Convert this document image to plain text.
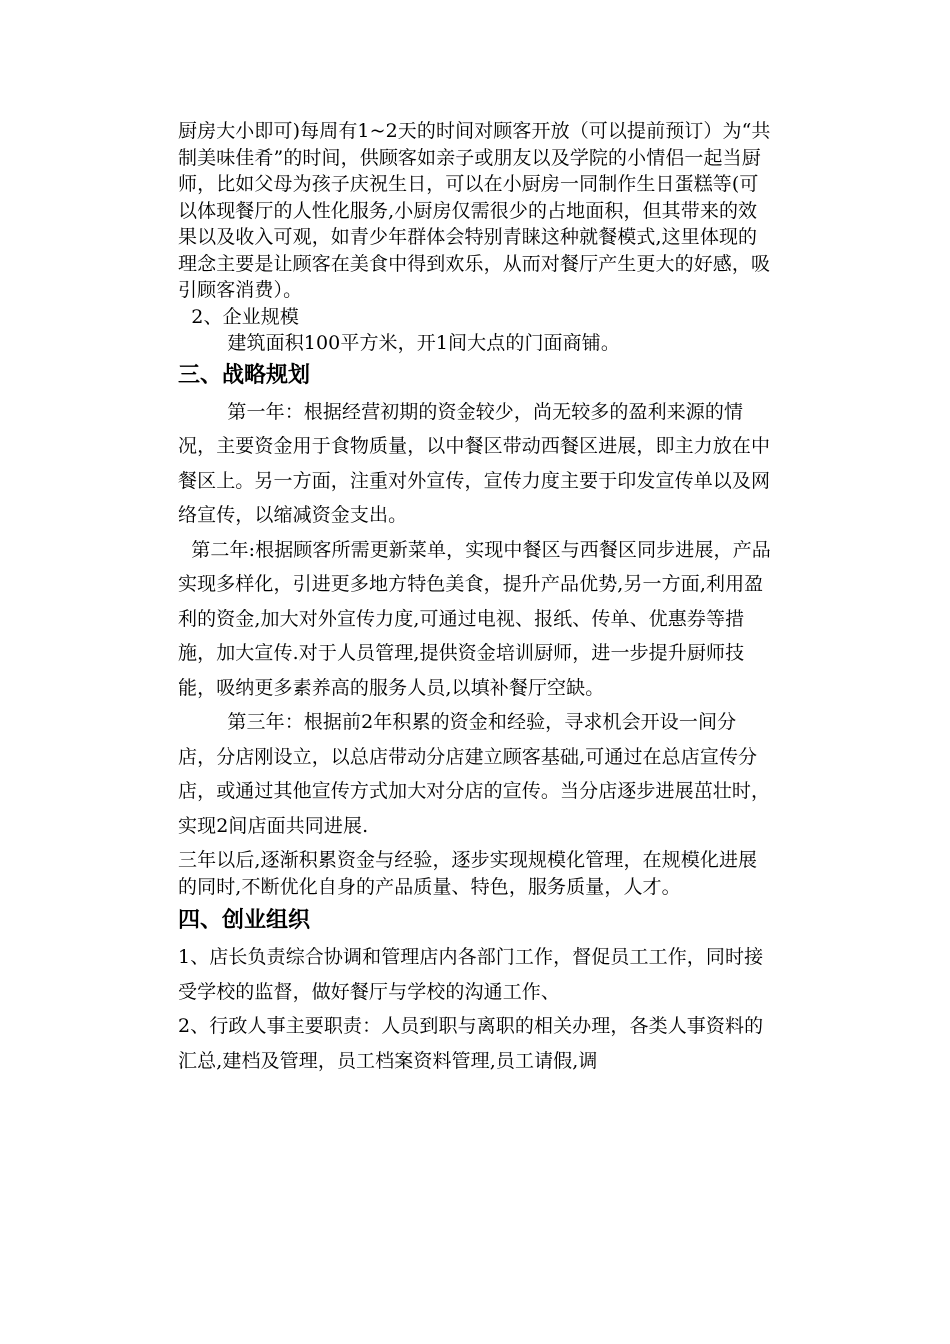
厨房大小即可)每周有1~2天的时间对顾客开放（可以提前预订）为“共制美味佳肴”的时间，供顾客如亲子或朋友以及学院的小情侣一起当厨师，比如父母为孩子庆祝生日，可以在小厨房一同制作生日蛋糕等(可以体现餐厅的人性化服务,小厨房仅需很少的占地面积，但其带来的效果以及收入可观，如青少年群体会特别青睐这种就餐模式,这里体现的理念主要是让顾客在美食中得到欢乐，从而对餐厅产生更大的好感，吸引顾客消费）。

2、企业规模

建筑面积100平方米，开1间大点的门面商铺。

三、战略规划

第一年：根据经营初期的资金较少，尚无较多的盈利来源的情况，主要资金用于食物质量，以中餐区带动西餐区进展，即主力放在中餐区上。另一方面，注重对外宣传，宣传力度主要于印发宣传单以及网络宣传，以缩减资金支出。

第二年:根据顾客所需更新菜单，实现中餐区与西餐区同步进展，产品实现多样化，引进更多地方特色美食，提升产品优势,另一方面,利用盈利的资金,加大对外宣传力度,可通过电视、报纸、传单、优惠券等措施，加大宣传.对于人员管理,提供资金培训厨师，进一步提升厨师技能，吸纳更多素养高的服务人员,以填补餐厅空缺。

第三年：根据前2年积累的资金和经验，寻求机会开设一间分店，分店刚设立，以总店带动分店建立顾客基础,可通过在总店宣传分店，或通过其他宣传方式加大对分店的宣传。当分店逐步进展茁壮时，实现2间店面共同进展.

三年以后,逐渐积累资金与经验，逐步实现规模化管理，在规模化进展的同时,不断优化自身的产品质量、特色，服务质量，人才。

四、创业组织

1、店长负责综合协调和管理店内各部门工作，督促员工工作，同时接受学校的监督，做好餐厅与学校的沟通工作、

2、行政人事主要职责：人员到职与离职的相关办理，各类人事资料的汇总,建档及管理，员工档案资料管理,员工请假,调
